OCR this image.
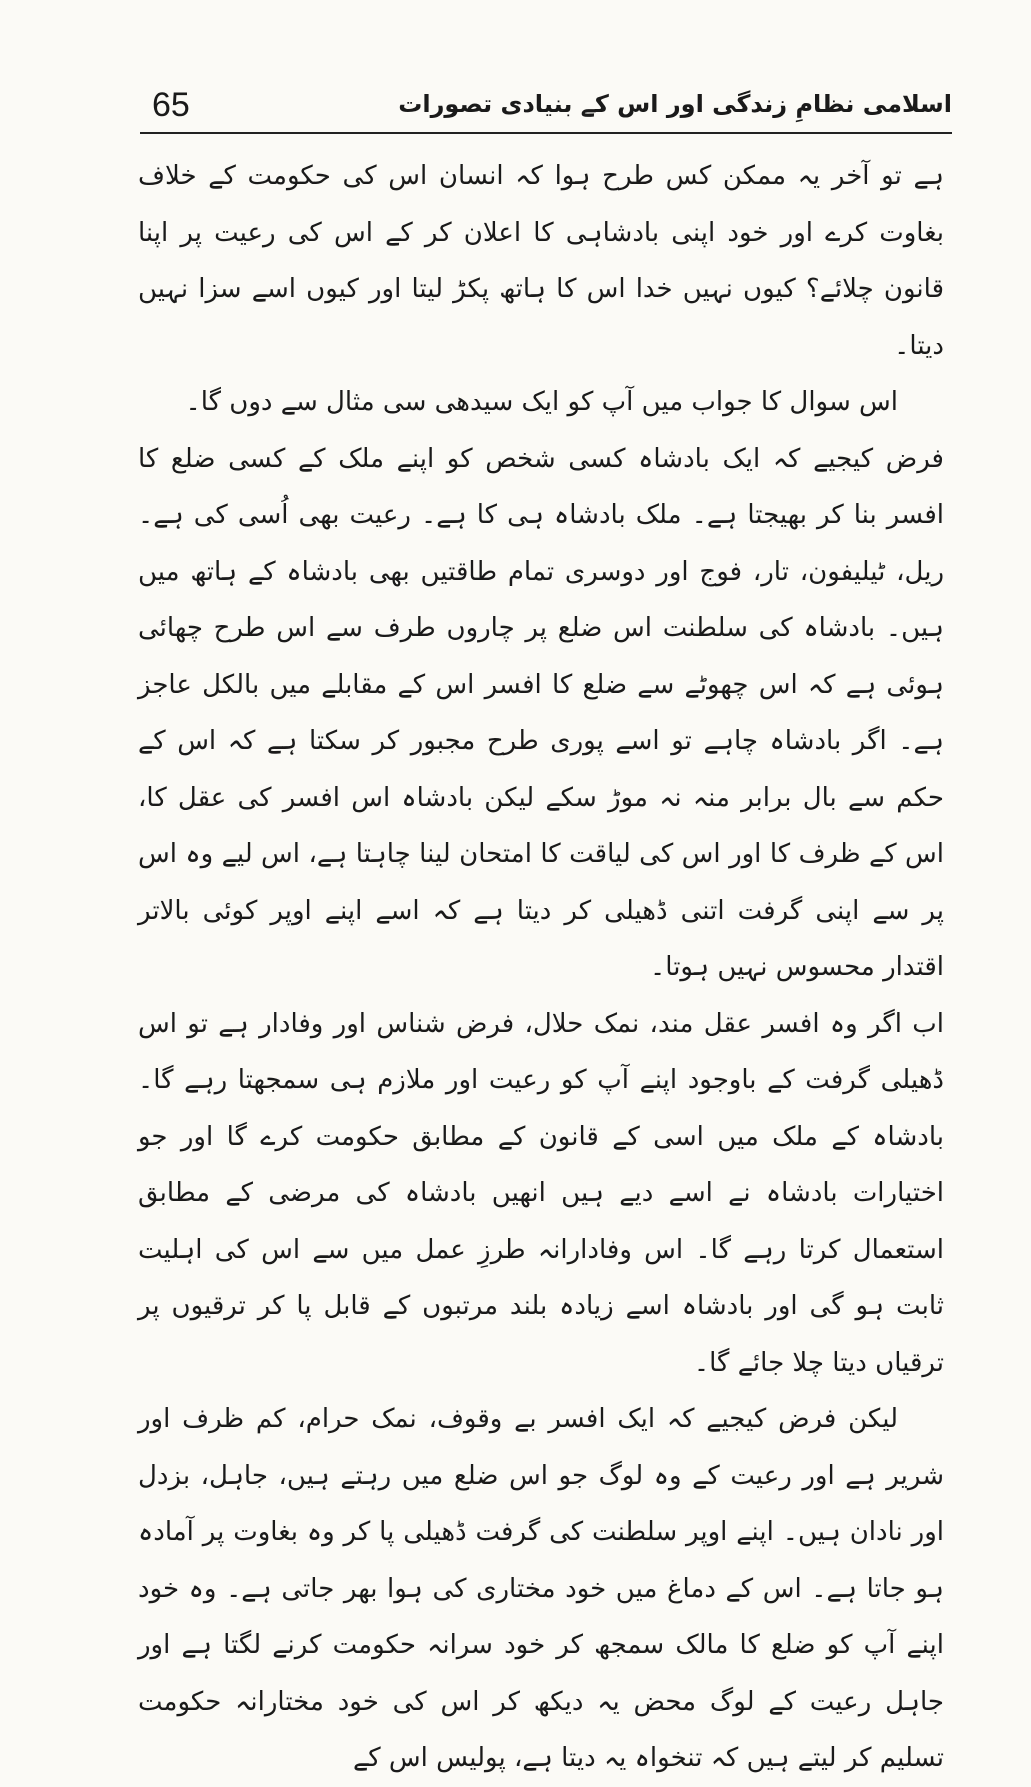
65	اسلامی نظامِ زندگی اور اس کے بنیادی تصورات

ہے تو آخر یہ ممکن کس طرح ہوا کہ انسان اس کی حکومت کے خلاف بغاوت کرے اور خود اپنی بادشاہی کا اعلان کر کے اس کی رعیت پر اپنا قانون چلائے؟ کیوں نہیں خدا اس کا ہاتھ پکڑ لیتا اور کیوں اسے سزا نہیں دیتا۔

اس سوال کا جواب میں آپ کو ایک سیدھی سی مثال سے دوں گا۔

فرض کیجیے کہ ایک بادشاہ کسی شخص کو اپنے ملک کے کسی ضلع کا افسر بنا کر بھیجتا ہے۔ ملک بادشاہ ہی کا ہے۔ رعیت بھی اُسی کی ہے۔ ریل، ٹیلیفون، تار، فوج اور دوسری تمام طاقتیں بھی بادشاہ کے ہاتھ میں ہیں۔ بادشاہ کی سلطنت اس ضلع پر چاروں طرف سے اس طرح چھائی ہوئی ہے کہ اس چھوٹے سے ضلع کا افسر اس کے مقابلے میں بالکل عاجز ہے۔ اگر بادشاہ چاہے تو اسے پوری طرح مجبور کر سکتا ہے کہ اس کے حکم سے بال برابر منہ نہ موڑ سکے لیکن بادشاہ اس افسر کی عقل کا، اس کے ظرف کا اور اس کی لیاقت کا امتحان لینا چاہتا ہے، اس لیے وہ اس پر سے اپنی گرفت اتنی ڈھیلی کر دیتا ہے کہ اسے اپنے اوپر کوئی بالاتر اقتدار محسوس نہیں ہوتا۔

اب اگر وہ افسر عقل مند، نمک حلال، فرض شناس اور وفادار ہے تو اس ڈھیلی گرفت کے باوجود اپنے آپ کو رعیت اور ملازم ہی سمجھتا رہے گا۔ بادشاہ کے ملک میں اسی کے قانون کے مطابق حکومت کرے گا اور جو اختیارات بادشاہ نے اسے دیے ہیں انھیں بادشاہ کی مرضی کے مطابق استعمال کرتا رہے گا۔ اس وفادارانہ طرزِ عمل میں سے اس کی اہلیت ثابت ہو گی اور بادشاہ اسے زیادہ بلند مرتبوں کے قابل پا کر ترقیوں پر ترقیاں دیتا چلا جائے گا۔

لیکن فرض کیجیے کہ ایک افسر بے وقوف، نمک حرام، کم ظرف اور شریر ہے اور رعیت کے وہ لوگ جو اس ضلع میں رہتے ہیں، جاہل، بزدل اور نادان ہیں۔ اپنے اوپر سلطنت کی گرفت ڈھیلی پا کر وہ بغاوت پر آمادہ ہو جاتا ہے۔ اس کے دماغ میں خود مختاری کی ہوا بھر جاتی ہے۔ وہ خود اپنے آپ کو ضلع کا مالک سمجھ کر خود سرانہ حکومت کرنے لگتا ہے اور جاہل رعیت کے لوگ محض یہ دیکھ کر اس کی خود مختارانہ حکومت تسلیم کر لیتے ہیں کہ تنخواہ یہ دیتا ہے، پولیس اس کے
